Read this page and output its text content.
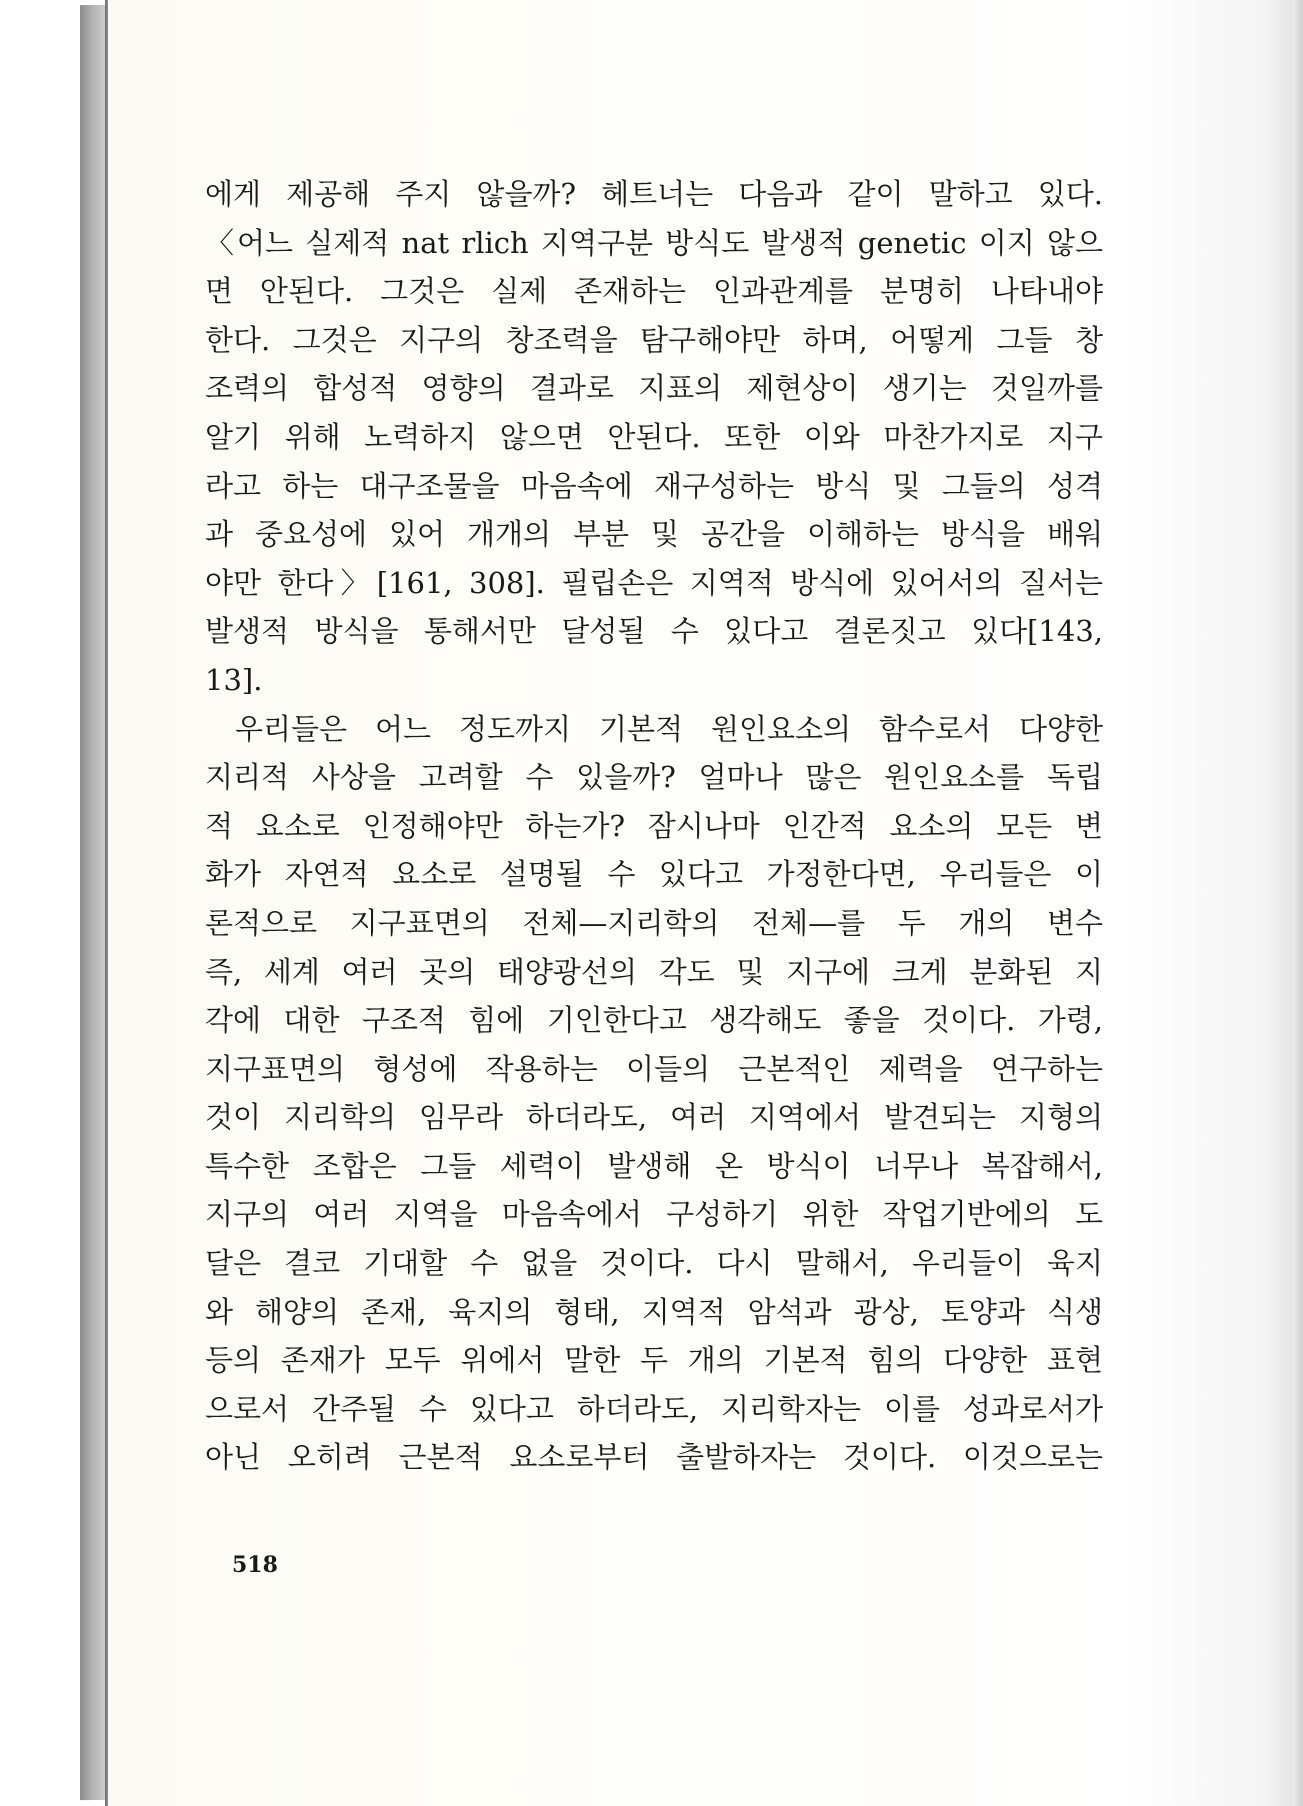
에게 제공해 주지 않을까? 헤트너는 다음과 같이 말하고 있다.
〈어느 실제적 nat rlich 지역구분 방식도 발생적 genetic 이지 않으
면 안된다. 그것은 실제 존재하는 인과관계를 분명히 나타내야
한다. 그것은 지구의 창조력을 탐구해야만 하며, 어떻게 그들 창
조력의 합성적 영향의 결과로 지표의 제현상이 생기는 것일까를
알기 위해 노력하지 않으면 안된다. 또한 이와 마찬가지로 지구
라고 하는 대구조물을 마음속에 재구성하는 방식 및 그들의 성격
과 중요성에 있어 개개의 부분 및 공간을 이해하는 방식을 배워
야만 한다〉[161, 308]. 필립손은 지역적 방식에 있어서의 질서는
발생적 방식을 통해서만 달성될 수 있다고 결론짓고 있다[143,
13].
우리들은 어느 정도까지 기본적 원인요소의 함수로서 다양한
지리적 사상을 고려할 수 있을까? 얼마나 많은 원인요소를 독립
적 요소로 인정해야만 하는가? 잠시나마 인간적 요소의 모든 변
화가 자연적 요소로 설명될 수 있다고 가정한다면, 우리들은 이
론적으로 지구표면의 전체—지리학의 전체—를 두 개의 변수
즉, 세계 여러 곳의 태양광선의 각도 및 지구에 크게 분화된 지
각에 대한 구조적 힘에 기인한다고 생각해도 좋을 것이다. 가령,
지구표면의 형성에 작용하는 이들의 근본적인 제력을 연구하는
것이 지리학의 임무라 하더라도, 여러 지역에서 발견되는 지형의
특수한 조합은 그들 세력이 발생해 온 방식이 너무나 복잡해서,
지구의 여러 지역을 마음속에서 구성하기 위한 작업기반에의 도
달은 결코 기대할 수 없을 것이다. 다시 말해서, 우리들이 육지
와 해양의 존재, 육지의 형태, 지역적 암석과 광상, 토양과 식생
등의 존재가 모두 위에서 말한 두 개의 기본적 힘의 다양한 표현
으로서 간주될 수 있다고 하더라도, 지리학자는 이를 성과로서가
아닌 오히려 근본적 요소로부터 출발하자는 것이다. 이것으로는
518
